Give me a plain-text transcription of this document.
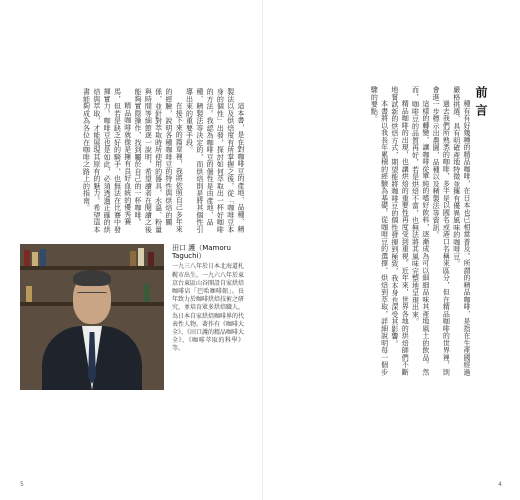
這本書，是在對咖啡豆的產地、品種、精製法以及烘焙度有所掌握之後，從「咖啡豆本身的個性」出發，探討如何萃取出一杯好咖啡的方法。我認為咖啡豆的個性是由產地、品種、精製法等決定的，而烘焙則是將其個性引導出來的重要手段。

在接下來的篇章裡，我將依照自己多年來的經驗，說明各種咖啡豆的特性與烘焙的關係，並針對萃取時所使用的器具、水溫、粉量與時間等細節逐一說明，希望讀者在閱讀之後能夠實際操作，找到屬於自己的一杯咖啡。

精品咖啡就像是擁有良好血統的優秀賽馬，但若是缺乏好的騎手，也無法在比賽中發揮實力。咖啡豆也是如此，必須透過正確的烘焙與萃取，才能展現其原有的魅力。希望這本書能夠成為各位在咖啡之路上的指南。

田口 護（Mamoru Taguchi）
一九三八年於日本北海道札幌市出生。一九六八年於東京台東區山谷開設自家烘焙咖啡店「巴哈咖啡館」。長年致力於咖啡烘焙技術之研究，並培育眾多烘焙職人，為日本自家烘焙咖啡界的代表性人物。著作有《咖啡大全》、《田口護的精品咖啡大全》、《咖啡萃取的科學》等。
5
前言

種有有好幾種的精品咖啡，在日本也已相當普及。所謂的精品咖啡，是指在生產國經過嚴格挑選、具有明確產地特徵並擁有優異風味的咖啡豆。

過去我們所熟悉的咖啡，多半是以國名或港口名稱來區分，但在精品咖啡的世界裡，則會進一步標示出農園、品種以及精製法等資訊。

這樣的轉變，讓咖啡從單純的嗜好飲料，逐漸成為可以細細品味其產地風土的飲品。然而，咖啡豆的品質再好，若是烘焙不當，也無法將其風味完整地呈現出來。

精品咖啡的出現，也讓烘焙的重要性再度受到重視。近年來，世界各地的烘焙師們不斷地嘗試新的烘焙方式，期望能將咖啡豆的個性發揮到極致，我本身也深受其影響。

本書將以我長年累積的經驗為基礎，從咖啡豆的選擇、烘焙到萃取，詳細說明每一個步驟的要點。

4
